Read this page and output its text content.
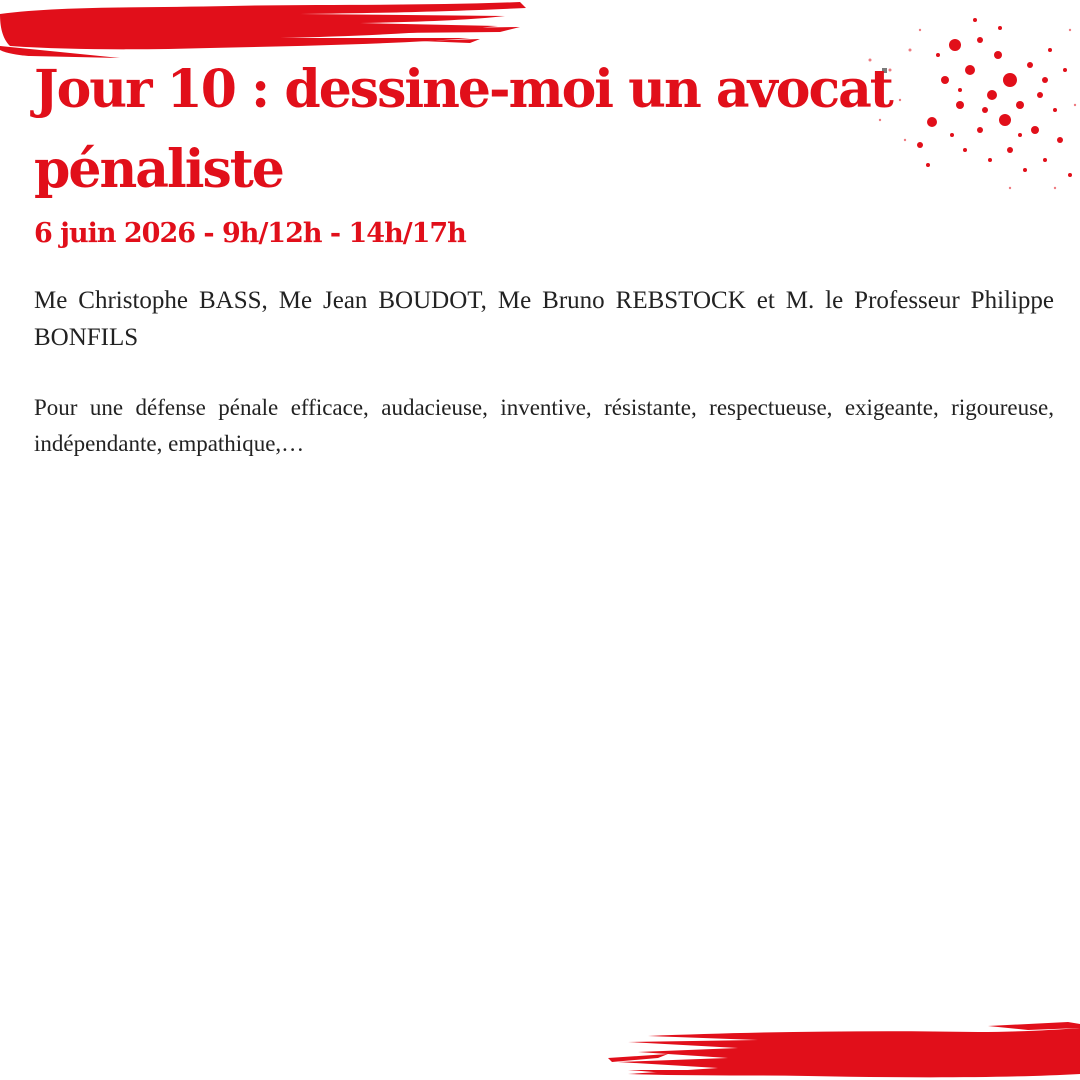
Jour 10 : dessine-moi un avocat pénaliste
6 juin 2026 - 9h/12h - 14h/17h

Me Christophe BASS, Me Jean BOUDOT, Me Bruno REBSTOCK et M. le Professeur Philippe BONFILS

Pour une défense pénale efficace, audacieuse, inventive, résistante, respectueuse, exigeante, rigoureuse, indépendante, empathique,…
